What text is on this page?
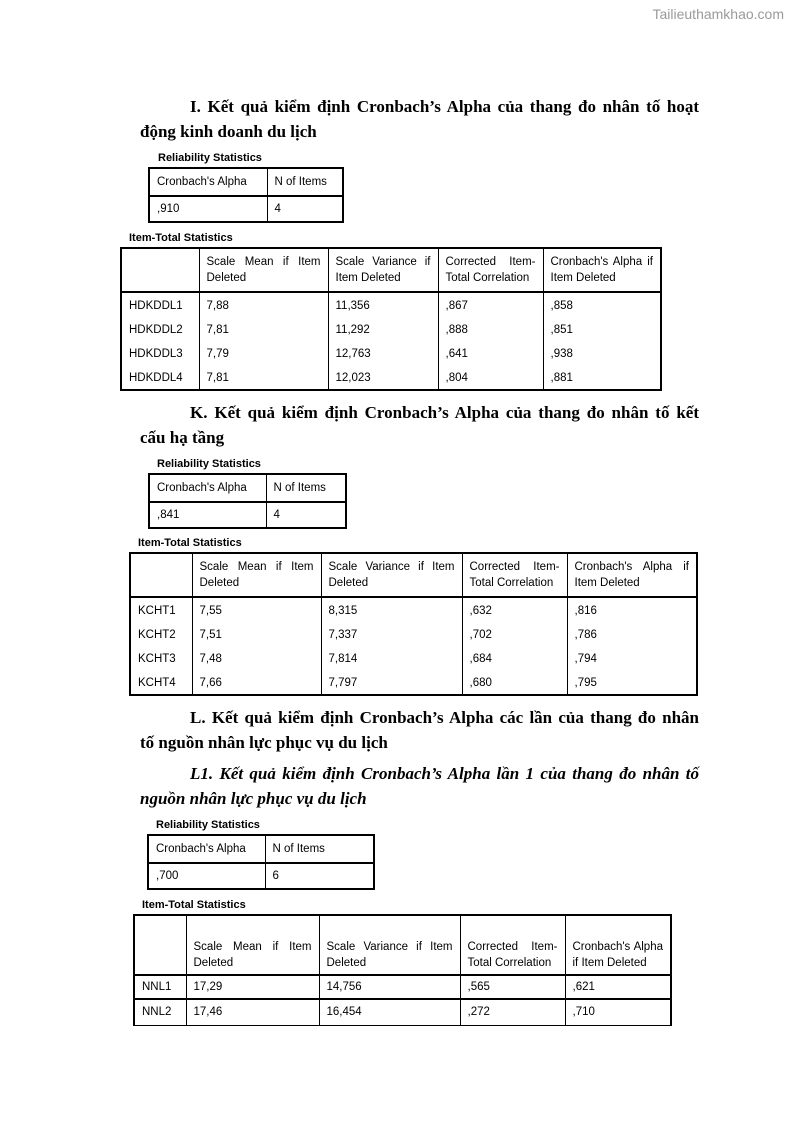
Tailieuthamkhao.com
I. Kết quả kiểm định Cronbach’s Alpha của thang đo nhân tố hoạt
động kinh doanh du lịch
Reliability Statistics
Cronbach's Alpha	N of Items
,910	4
Item-Total Statistics
	Scale Mean if Item Deleted	Scale Variance if Item Deleted	Corrected Item-Total Correlation	Cronbach's Alpha if Item Deleted
HDKDDL1	7,88	11,356	,867	,858
HDKDDL2	7,81	11,292	,888	,851
HDKDDL3	7,79	12,763	,641	,938
HDKDDL4	7,81	12,023	,804	,881
K. Kết quả kiểm định Cronbach’s Alpha của thang đo nhân tố kết
cấu hạ tầng
Reliability Statistics
Cronbach's Alpha	N of Items
,841	4
Item-Total Statistics
	Scale Mean if Item Deleted	Scale Variance if Item Deleted	Corrected Item-Total Correlation	Cronbach's Alpha if Item Deleted
KCHT1	7,55	8,315	,632	,816
KCHT2	7,51	7,337	,702	,786
KCHT3	7,48	7,814	,684	,794
KCHT4	7,66	7,797	,680	,795
L. Kết quả kiểm định Cronbach’s Alpha các lần của thang đo nhân
tố nguồn nhân lực phục vụ du lịch
L1. Kết quả kiểm định Cronbach’s Alpha lần 1 của thang đo nhân tố
nguồn nhân lực phục vụ du lịch
Reliability Statistics
Cronbach's Alpha	N of Items
,700	6
Item-Total Statistics
	Scale Mean if Item Deleted	Scale Variance if Item Deleted	Corrected Item-Total Correlation	Cronbach's Alpha if Item Deleted
NNL1	17,29	14,756	,565	,621
NNL2	17,46	16,454	,272	,710
